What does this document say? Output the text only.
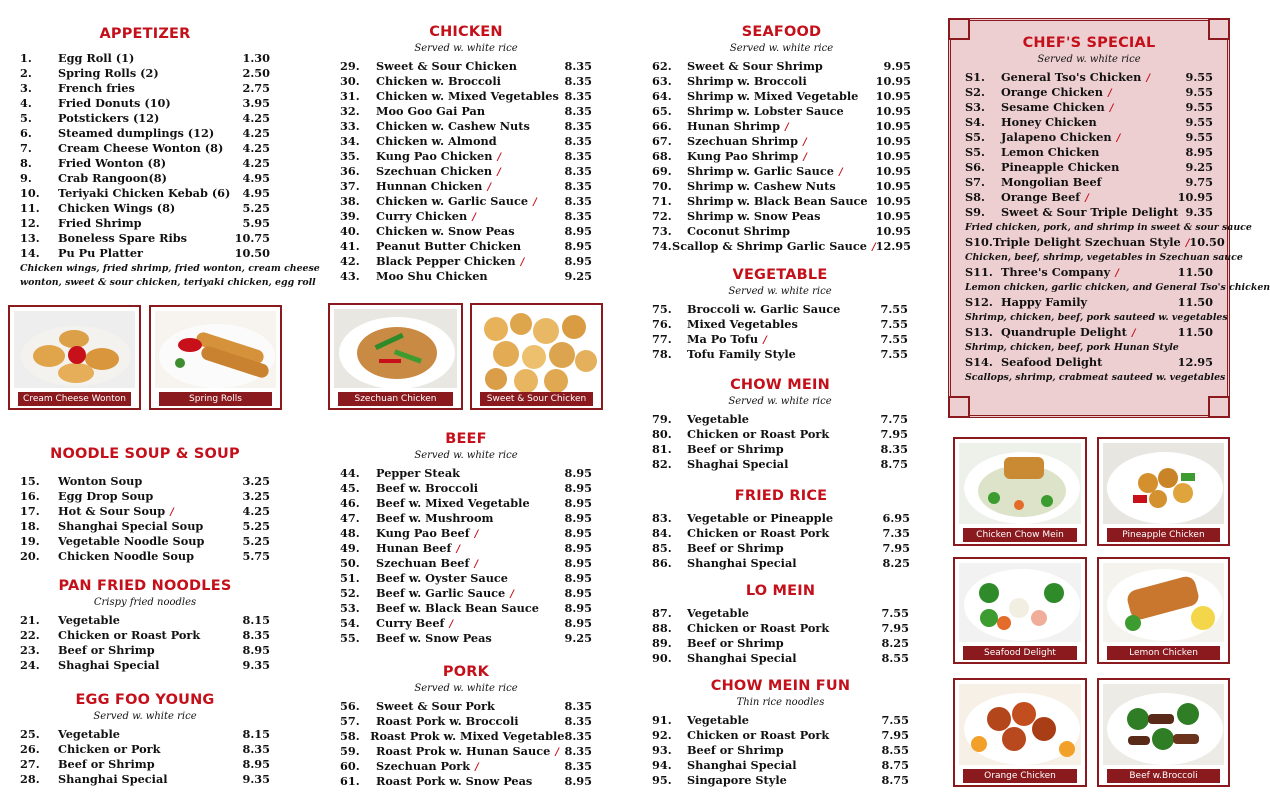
APPETIZER
1.	Egg Roll (1)	1.30
2.	Spring Rolls (2)	2.50
3.	French fries	2.75
4.	Fried Donuts (10)	3.95
5.	Potstickers (12)	4.25
6.	Steamed dumplings (12)	4.25
7.	Cream Cheese Wonton (8)	4.25
8.	Fried Wonton (8)	4.25
9.	Crab Rangoon(8)	4.95
10.	Teriyaki Chicken Kebab (6)	4.95
11.	Chicken Wings (8)	5.25
12.	Fried Shrimp	5.95
13.	Boneless Spare Ribs	10.75
14.	Pu Pu Platter	10.50
Chicken wings, fried shrimp, fried wonton, cream cheese
wonton, sweet & sour chicken, teriyaki chicken, egg roll
NOODLE SOUP & SOUP
15.	Wonton Soup	3.25
16.	Egg Drop Soup	3.25
17.	Hot & Sour Soup /	4.25
18.	Shanghai Special Soup	5.25
19.	Vegetable Noodle Soup	5.25
20.	Chicken Noodle Soup	5.75
PAN FRIED NOODLES
Crispy fried noodles
21.	Vegetable	8.15
22.	Chicken or Roast Pork	8.35
23.	Beef or Shrimp	8.95
24.	Shaghai Special	9.35
EGG FOO YOUNG
Served w. white rice
25.	Vegetable	8.15
26.	Chicken or Pork	8.35
27.	Beef or Shrimp	8.95
28.	Shanghai Special	9.35
CHICKEN
Served w. white rice
29.	Sweet & Sour Chicken	8.35
30.	Chicken w. Broccoli	8.35
31.	Chicken w. Mixed Vegetables 8.35
32.	Moo Goo Gai Pan	8.35
33.	Chicken w. Cashew Nuts	8.35
34.	Chicken w. Almond	8.35
35.	Kung Pao Chicken /	8.35
36.	Szechuan Chicken /	8.35
37.	Hunnan Chicken /	8.35
38.	Chicken w. Garlic Sauce /	8.35
39.	Curry Chicken /	8.35
40.	Chicken w. Snow Peas	8.95
41.	Peanut Butter Chicken	8.95
42.	Black Pepper Chicken /	8.95
43.	Moo Shu Chicken	9.25
BEEF
Served w. white rice
44.	Pepper Steak	8.95
45.	Beef w. Broccoli	8.95
46.	Beef w. Mixed Vegetable	8.95
47.	Beef w. Mushroom	8.95
48.	Kung Pao Beef /	8.95
49.	Hunan Beef /	8.95
50.	Szechuan Beef /	8.95
51.	Beef w. Oyster Sauce	8.95
52.	Beef w. Garlic Sauce /	8.95
53.	Beef w. Black Bean Sauce	8.95
54.	Curry Beef /	8.95
55.	Beef w. Snow Peas	9.25
PORK
Served w. white rice
56.	Sweet & Sour Pork	8.35
57.	Roast Pork w. Broccoli	8.35
58. Roast Prok w. Mixed Vegetable 8.35
59.	Roast Prok w. Hunan Sauce / 8.35
60.	Szechuan Pork /	8.35
61.	Roast Pork w. Snow Peas	8.95
SEAFOOD
Served w. white rice
62.	Sweet & Sour Shrimp	9.95
63.	Shrimp w. Broccoli	10.95
64.	Shrimp w. Mixed Vegetable	10.95
65.	Shrimp w. Lobster Sauce	10.95
66.	Hunan Shrimp /	10.95
67.	Szechuan Shrimp /	10.95
68.	Kung Pao Shrimp /	10.95
69.	Shrimp w. Garlic Sauce /	10.95
70.	Shrimp w. Cashew Nuts	10.95
71.	Shrimp w. Black Bean Sauce 10.95
72.	Shrimp w. Snow Peas	10.95
73.	Coconut Shrimp	10.95
74. Scallop & Shrimp Garlic Sauce / 12.95
VEGETABLE
Served w. white rice
75.	Broccoli w. Garlic Sauce	7.55
76.	Mixed Vegetables	7.55
77.	Ma Po Tofu /	7.55
78.	Tofu Family Style	7.55
CHOW MEIN
Served w. white rice
79.	Vegetable	7.75
80.	Chicken or Roast Pork	7.95
81.	Beef or Shrimp	8.35
82.	Shaghai Special	8.75
FRIED RICE
83.	Vegetable or Pineapple	6.95
84.	Chicken or Roast Pork	7.35
85.	Beef or Shrimp	7.95
86.	Shanghai Special	8.25
LO MEIN
87.	Vegetable	7.55
88.	Chicken or Roast Pork	7.95
89.	Beef or Shrimp	8.25
90.	Shanghai Special	8.55
CHOW MEIN FUN
Thin rice noodles
91.	Vegetable	7.55
92.	Chicken or Roast Pork	7.95
93.	Beef or Shrimp	8.55
94.	Shanghai Special	8.75
95.	Singapore Style	8.75
CHEF'S SPECIAL
Served w. white rice
S1.	General Tso's Chicken /	9.55
S2.	Orange Chicken /	9.55
S3.	Sesame Chicken /	9.55
S4.	Honey Chicken	9.55
S5.	Jalapeno Chicken /	9.55
S5.	Lemon Chicken	8.95
S6.	Pineapple Chicken	9.25
S7.	Mongolian Beef	9.75
S8.	Orange Beef /	10.95
S9.	Sweet & Sour Triple Delight 9.35
Fried chicken, pork, and shrimp in sweet & sour sauce
S10. Triple Delight Szechuan Style / 10.50
Chicken, beef, shrimp, vegetables in Szechuan sauce
S11. Three's Company /	11.50
Lemon chicken, garlic chicken, and General Tso's chicken
S12. Happy Family	11.50
Shrimp, chicken, beef, pork sauteed w. vegetables
S13. Quandruple Delight /	11.50
Shrimp, chicken, beef, pork Hunan Style
S14. Seafood Delight	12.95
Scallops, shrimp, crabmeat sauteed w. vegetables
Cream Cheese Wonton	Spring Rolls	Szechuan Chicken	Sweet & Sour Chicken
Chicken Chow Mein	Pineapple Chicken
Seafood Delight	Lemon Chicken
Orange Chicken	Beef w.Broccoli
